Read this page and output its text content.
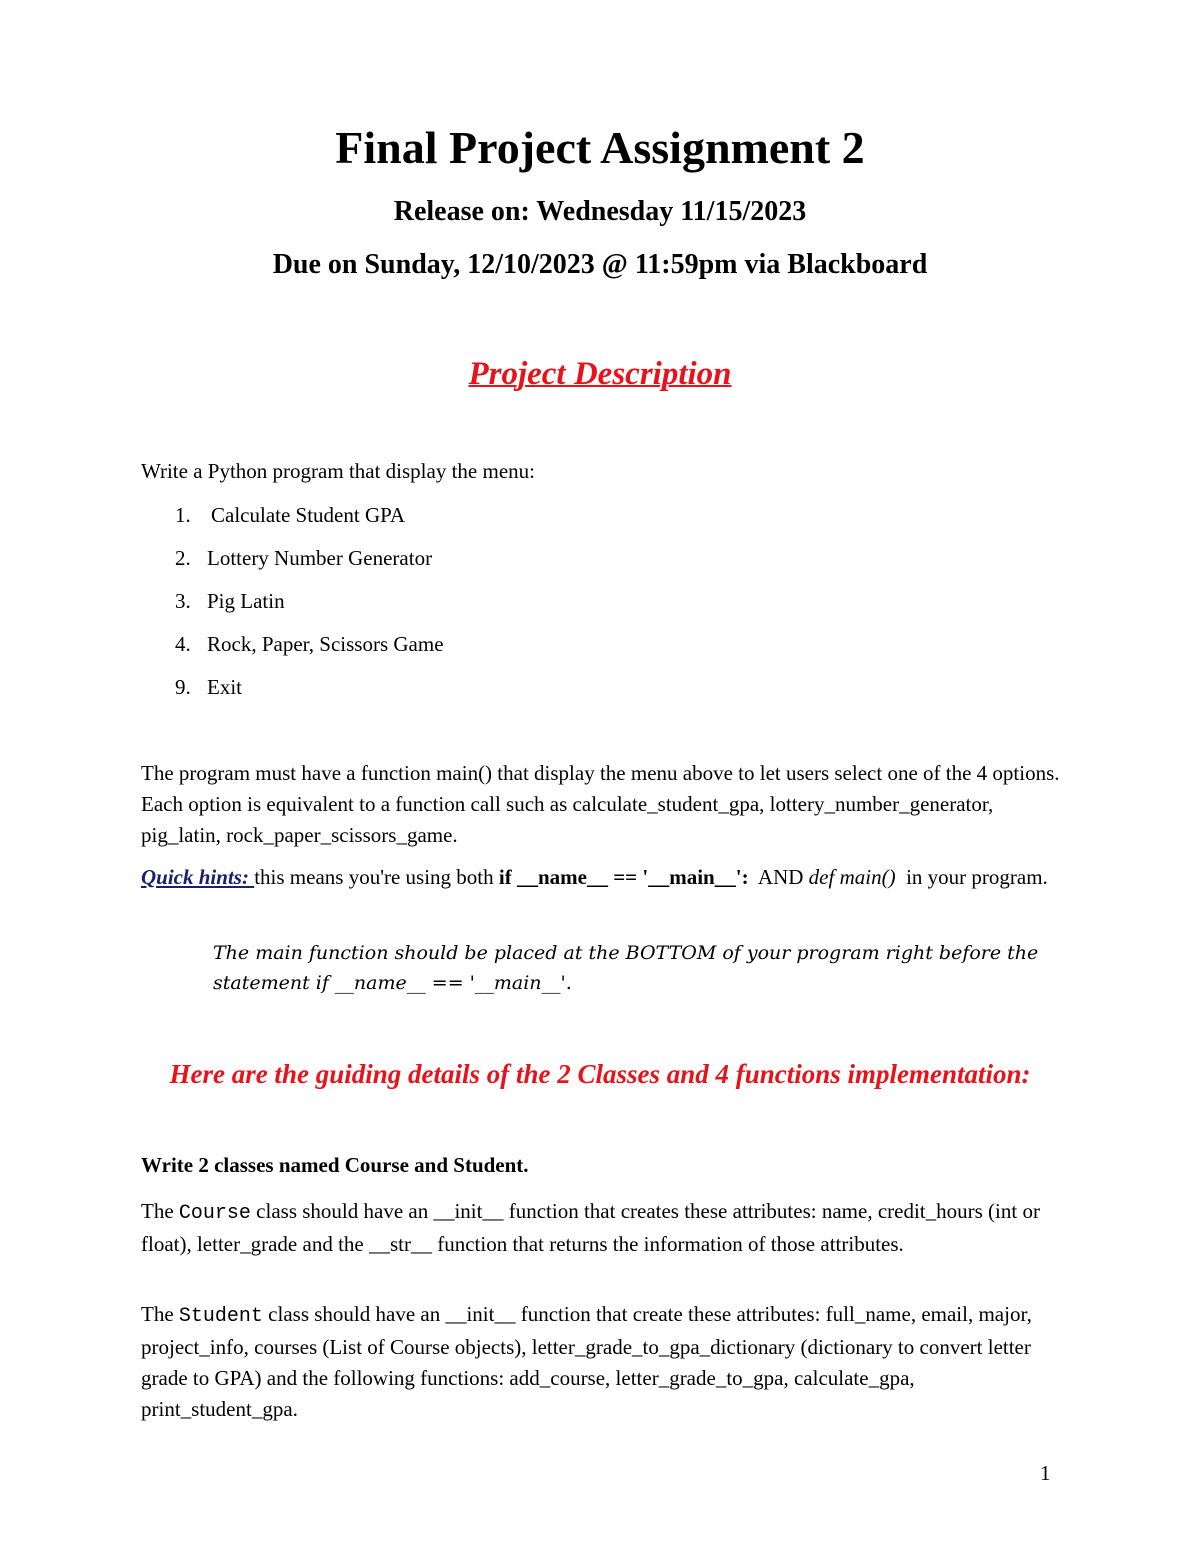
Final Project Assignment 2

Release on: Wednesday 11/15/2023

Due on Sunday, 12/10/2023 @ 11:59pm via Blackboard

Project Description

Write a Python program that display the menu:

1. Calculate Student GPA
2. Lottery Number Generator
3. Pig Latin
4. Rock, Paper, Scissors Game
9. Exit

The program must have a function main() that display the menu above to let users select one of the 4 options. Each option is equivalent to a function call such as calculate_student_gpa, lottery_number_generator, pig_latin, rock_paper_scissors_game.

Quick hints: this means you're using both if __name__ == '__main__':  AND def main()  in your program.

The main function should be placed at the BOTTOM of your program right before the statement if __name__ == '__main__'.

Here are the guiding details of the 2 Classes and 4 functions implementation:

Write 2 classes named Course and Student.

The Course class should have an __init__ function that creates these attributes: name, credit_hours (int or float), letter_grade and the __str__ function that returns the information of those attributes.

The Student class should have an __init__ function that create these attributes: full_name, email, major, project_info, courses (List of Course objects), letter_grade_to_gpa_dictionary (dictionary to convert letter grade to GPA) and the following functions: add_course, letter_grade_to_gpa, calculate_gpa, print_student_gpa.

1
